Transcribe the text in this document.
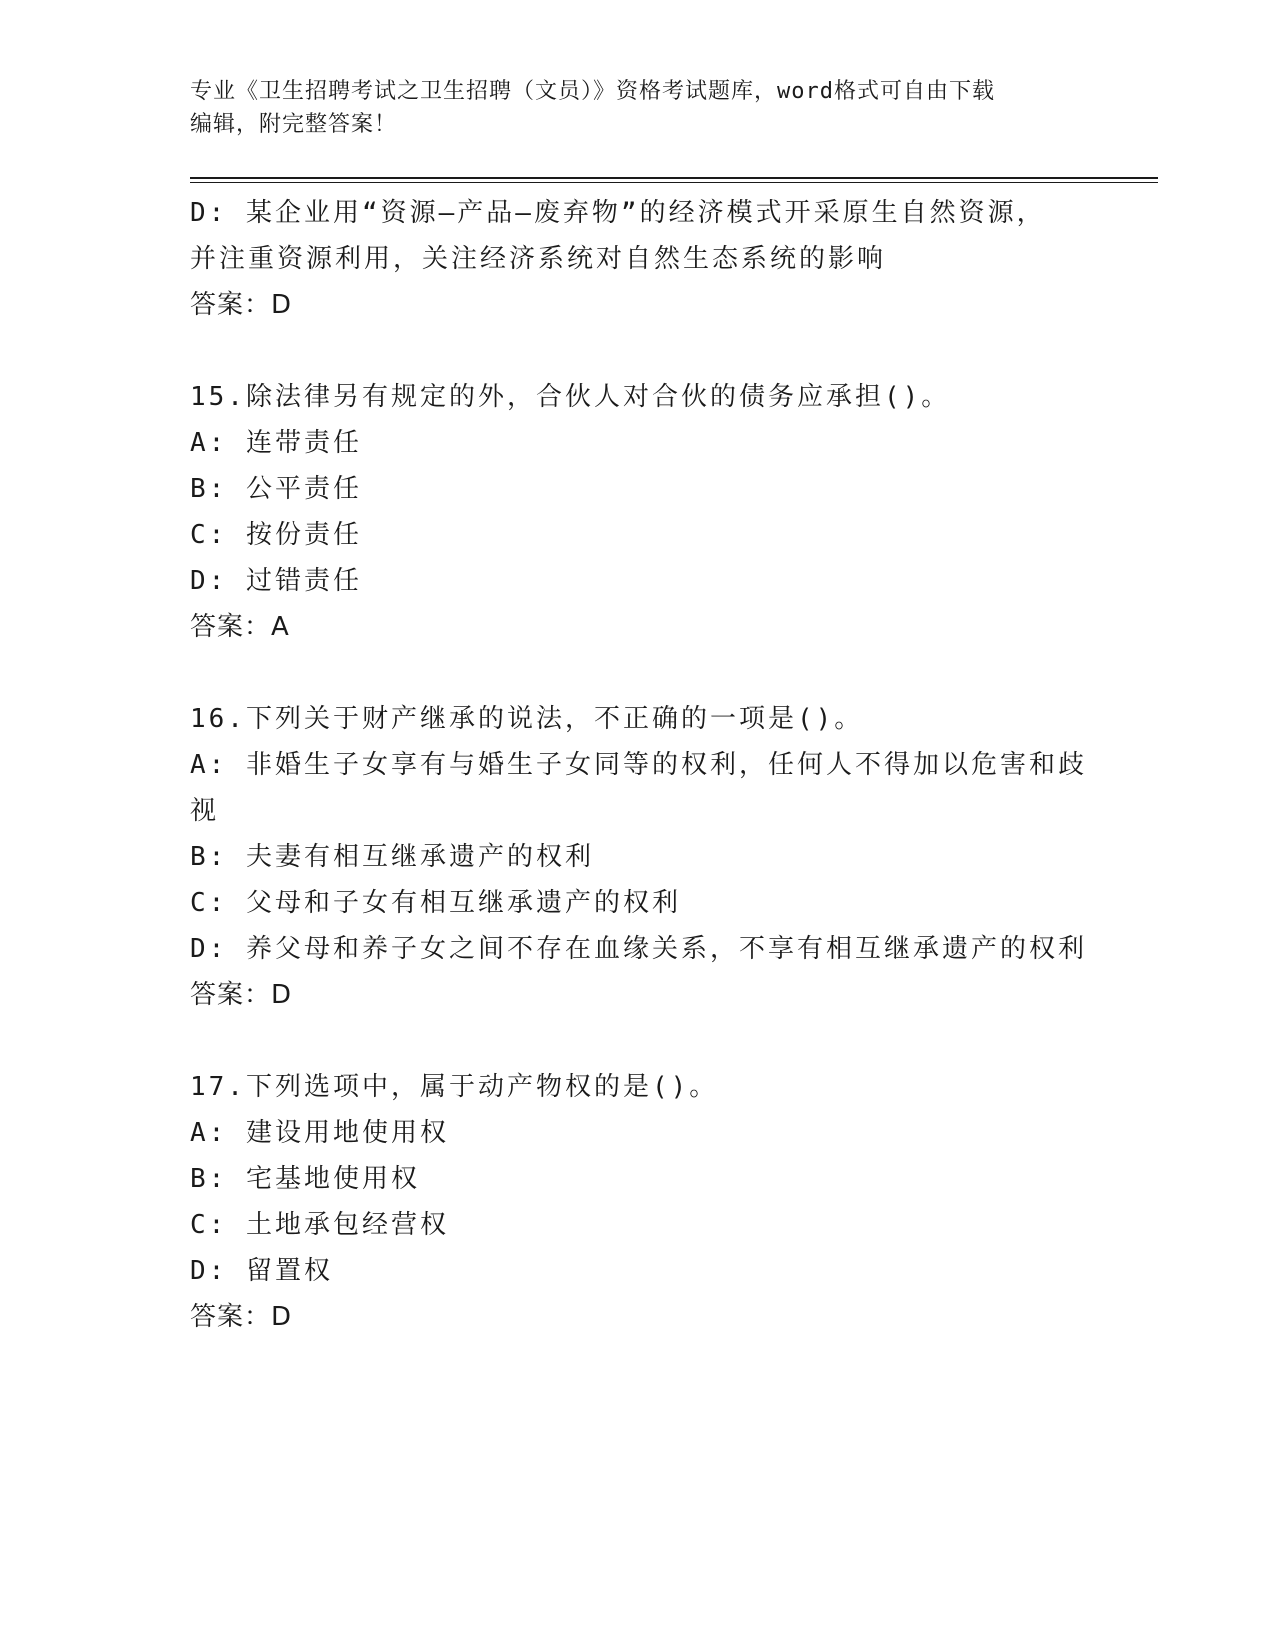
专业《卫生招聘考试之卫生招聘（文员）》资格考试题库，word格式可自由下载
编辑，附完整答案！
D: 某企业用“资源—产品—废弃物”的经济模式开采原生自然资源，
并注重资源利用，关注经济系统对自然生态系统的影响
答案：D
15.除法律另有规定的外，合伙人对合伙的债务应承担()。
A: 连带责任
B: 公平责任
C: 按份责任
D: 过错责任
答案：A
16.下列关于财产继承的说法，不正确的一项是()。
A: 非婚生子女享有与婚生子女同等的权利，任何人不得加以危害和歧
视
B: 夫妻有相互继承遗产的权利
C: 父母和子女有相互继承遗产的权利
D: 养父母和养子女之间不存在血缘关系，不享有相互继承遗产的权利
答案：D
17.下列选项中，属于动产物权的是()。
A: 建设用地使用权
B: 宅基地使用权
C: 土地承包经营权
D: 留置权
答案：D
